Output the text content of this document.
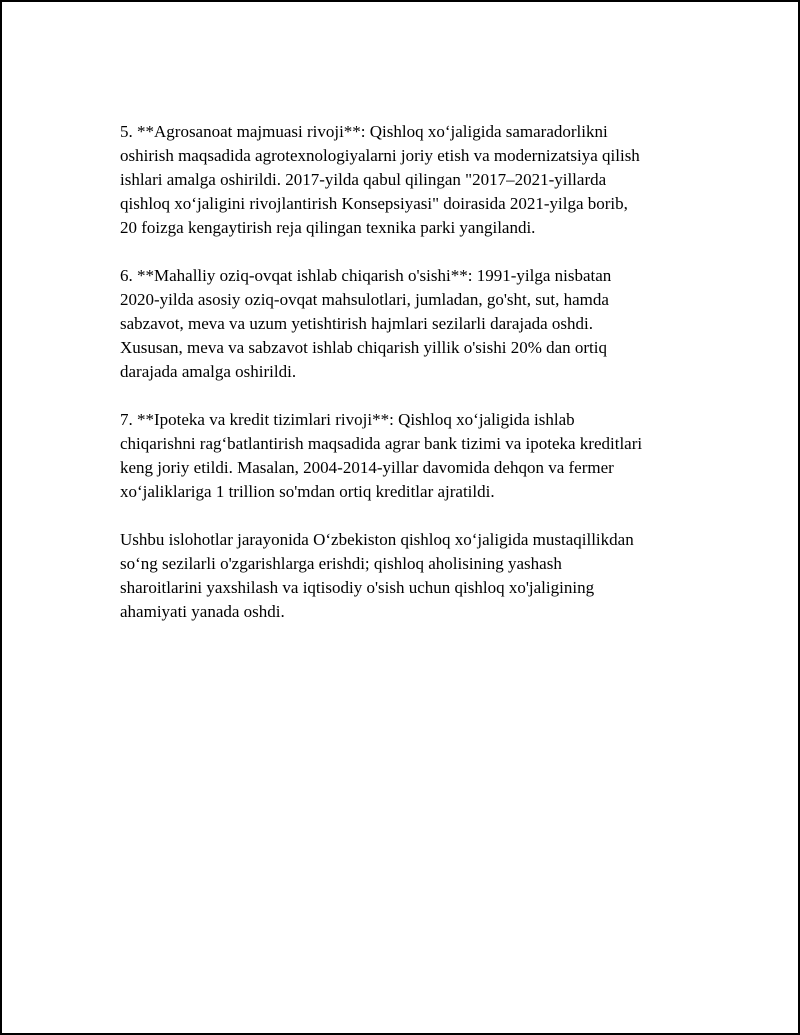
5. **Agrosanoat majmuasi rivoji**: Qishloq xo‘jaligida samaradorlikni
oshirish maqsadida agrotexnologiyalarni joriy etish va modernizatsiya qilish
ishlari amalga oshirildi. 2017-yilda qabul qilingan "2017–2021-yillarda
qishloq xo‘jaligini rivojlantirish Konsepsiyasi" doirasida 2021-yilga borib,
20 foizga kengaytirish reja qilingan texnika parki yangilandi.

6. **Mahalliy oziq-ovqat ishlab chiqarish o'sishi**: 1991-yilga nisbatan
2020-yilda asosiy oziq-ovqat mahsulotlari, jumladan, go'sht, sut, hamda
sabzavot, meva va uzum yetishtirish hajmlari sezilarli darajada oshdi.
Xususan, meva va sabzavot ishlab chiqarish yillik o'sishi 20% dan ortiq
darajada amalga oshirildi.

7. **Ipoteka va kredit tizimlari rivoji**: Qishloq xo‘jaligida ishlab
chiqarishni rag‘batlantirish maqsadida agrar bank tizimi va ipoteka kreditlari
keng joriy etildi. Masalan, 2004-2014-yillar davomida dehqon va fermer
xo‘jaliklariga 1 trillion so'mdan ortiq kreditlar ajratildi.

Ushbu islohotlar jarayonida O‘zbekiston qishloq xo‘jaligida mustaqillikdan
so‘ng sezilarli o'zgarishlarga erishdi; qishloq aholisining yashash
sharoitlarini yaxshilash va iqtisodiy o'sish uchun qishloq xo'jaligining
ahamiyati yanada oshdi.
